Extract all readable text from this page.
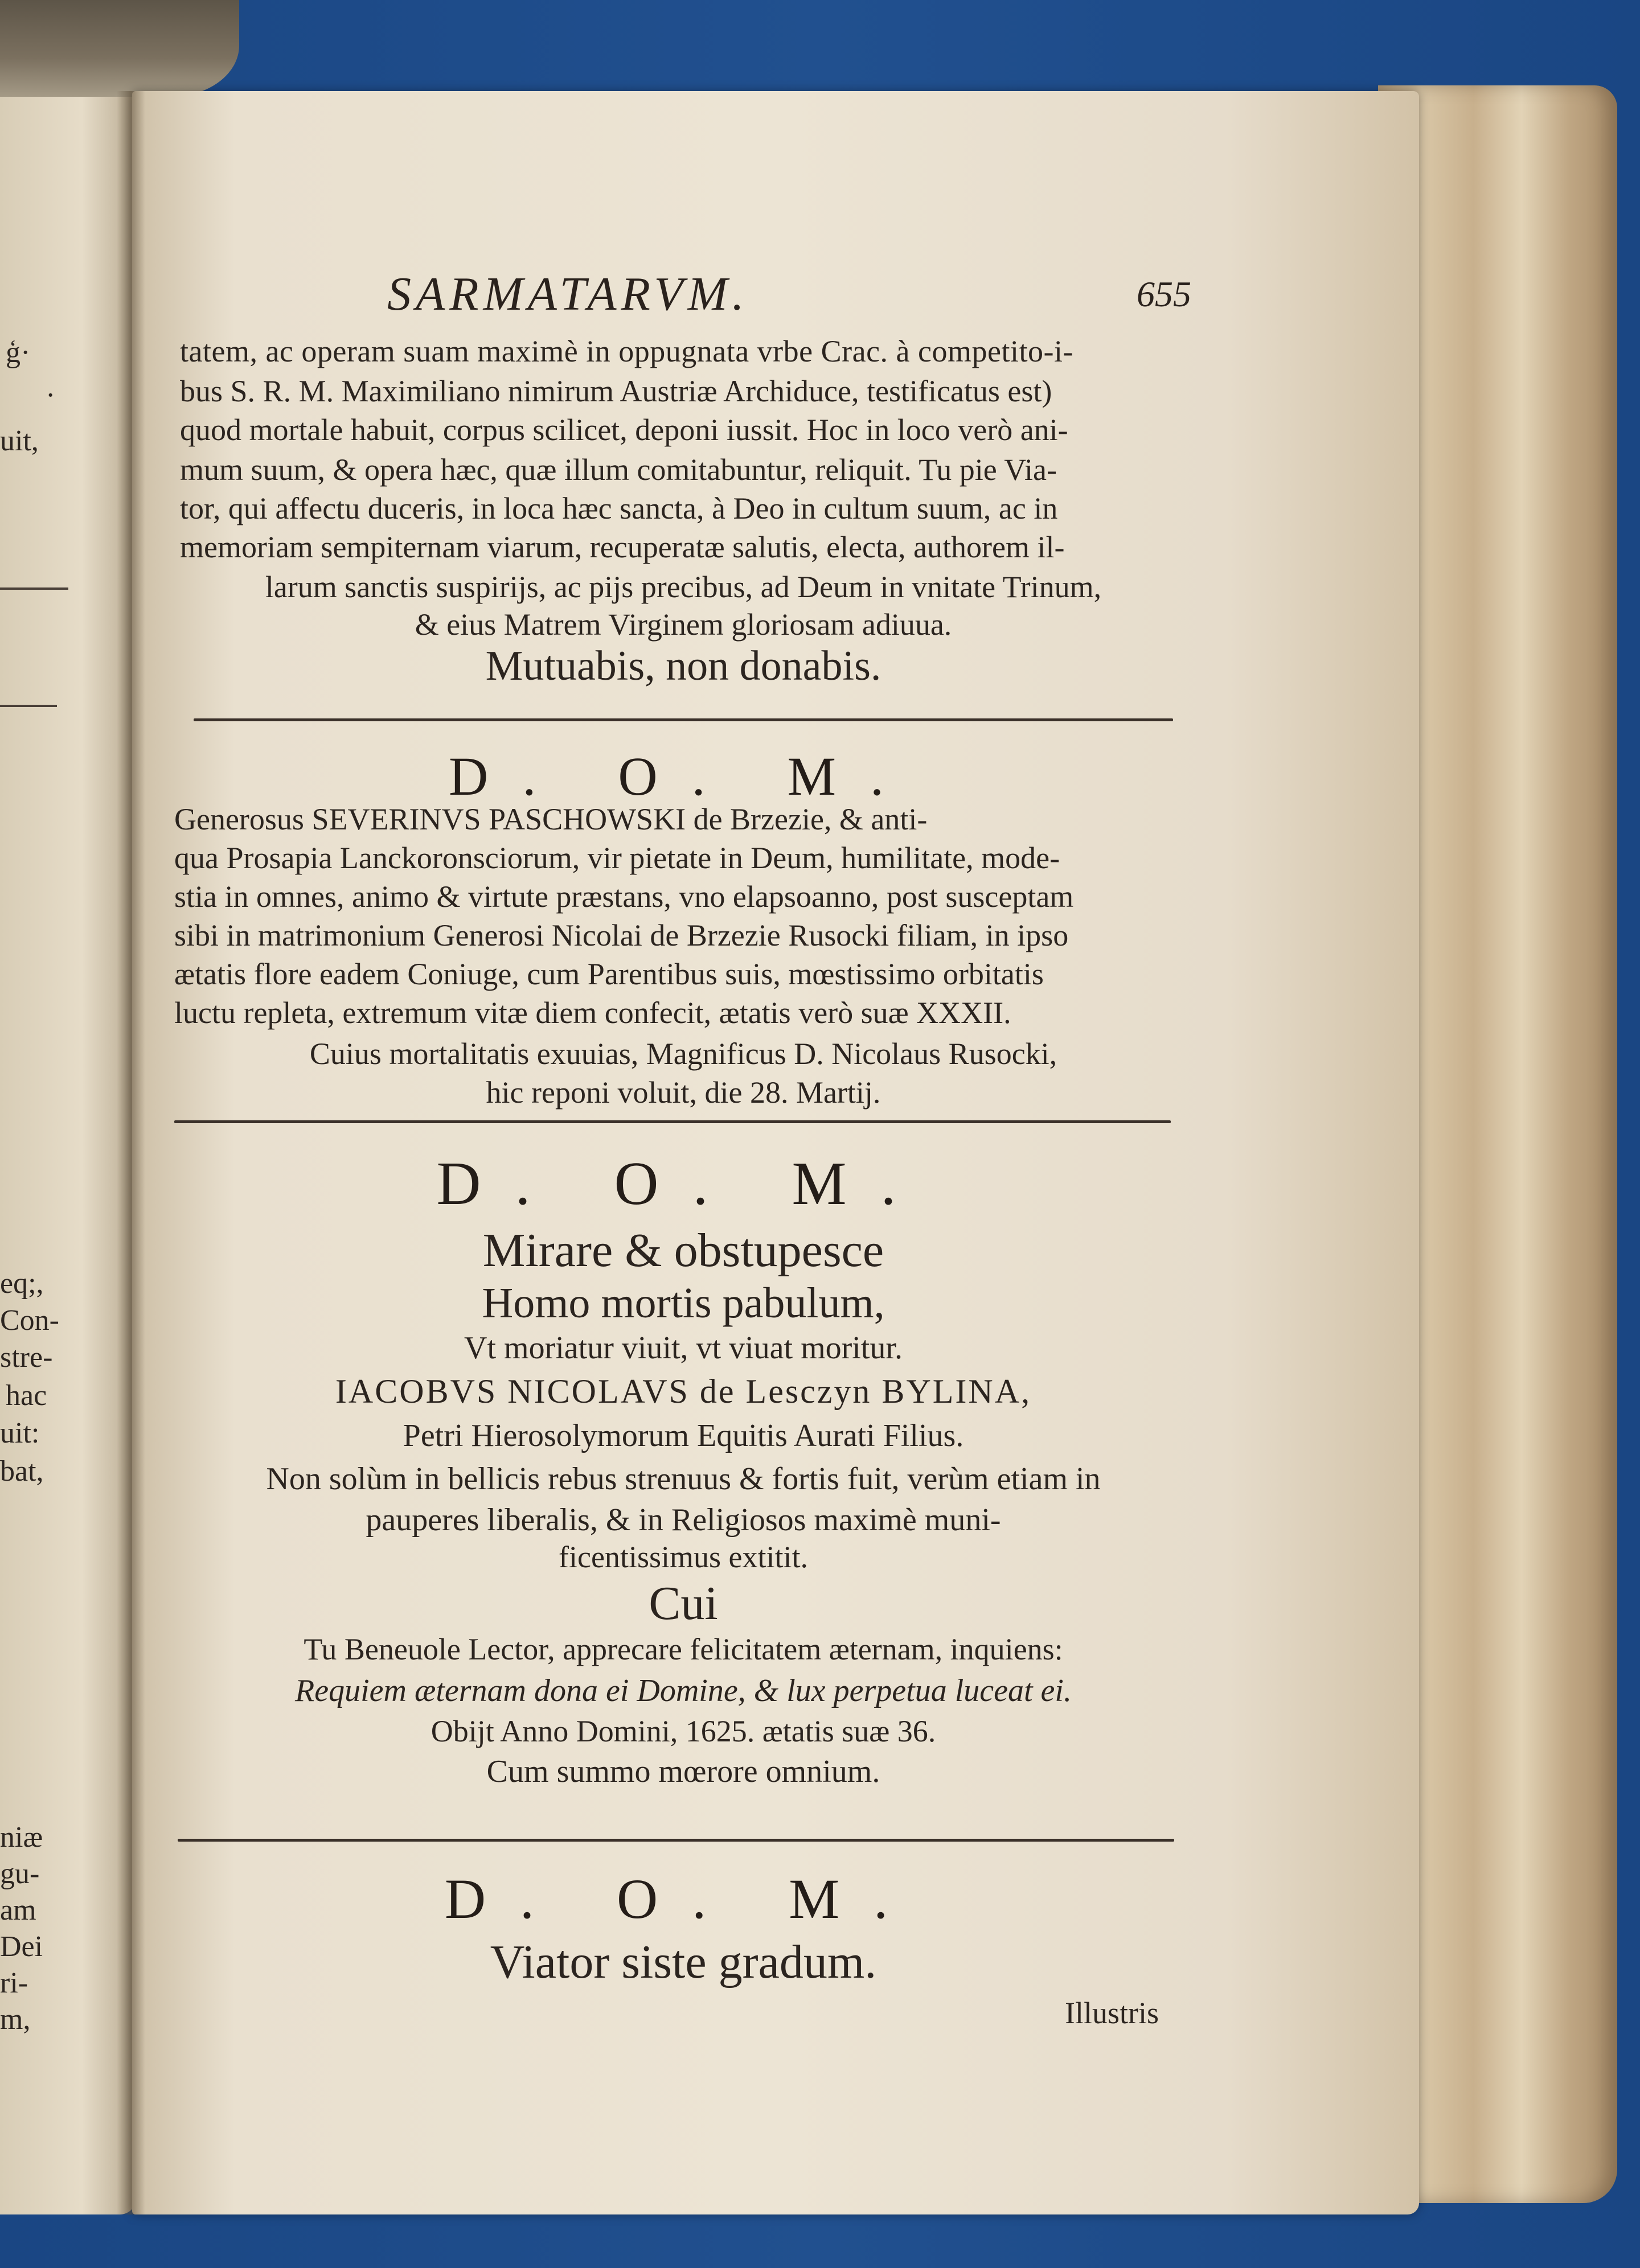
ģ·
·
uit,
eq;,
Con-
stre-
hac
uit:
bat,
niæ
gu-
am
Dei
ri-
m,
SARMATARVM.	655
tatem, ac operam suam maximè in oppugnata vrbe Crac. à competito-i-
bus S. R. M. Maximiliano nimirum Austriæ Archiduce, testificatus est)
quod mortale habuit, corpus scilicet, deponi iussit. Hoc in loco verò ani-
mum suum, & opera hæc, quæ illum comitabuntur, reliquit. Tu pie Via-
tor, qui affectu duceris, in loca hæc sancta, à Deo in cultum suum, ac in
memoriam sempiternam viarum, recuperatæ salutis, electa, authorem il-
larum sanctis suspirijs, ac pijs precibus, ad Deum in vnitate Trinum,
& eius Matrem Virginem gloriosam adiuua.
Mutuabis, non donabis.
D. O. M.
Generosus SEVERINVS PASCHOWSKI de Brzezie, & anti-
qua Prosapia Lanckoronsciorum, vir pietate in Deum, humilitate, mode-
stia in omnes, animo & virtute præstans, vno elapsoanno, post susceptam
sibi in matrimonium Generosi Nicolai de Brzezie Rusocki filiam, in ipso
ætatis flore eadem Coniuge, cum Parentibus suis, mœstissimo orbitatis
luctu repleta, extremum vitæ diem confecit, ætatis verò suæ XXXII.
Cuius mortalitatis exuuias, Magnificus D. Nicolaus Rusocki,
hic reponi voluit, die 28. Martij.
D. O. M.
Mirare & obstupesce
Homo mortis pabulum,
Vt moriatur viuit, vt viuat moritur.
IACOBVS NICOLAVS de Lesczyn BYLINA,
Petri Hierosolymorum Equitis Aurati Filius.
Non solùm in bellicis rebus strenuus & fortis fuit, verùm etiam in
pauperes liberalis, & in Religiosos maximè muni-
ficentissimus extitit.
Cui
Tu Beneuole Lector, apprecare felicitatem æternam, inquiens:
Requiem æternam dona ei Domine, & lux perpetua luceat ei.
Obijt Anno Domini, 1625. ætatis suæ 36.
Cum summo mœrore omnium.
D. O. M.
Viator siste gradum.
Illustris
